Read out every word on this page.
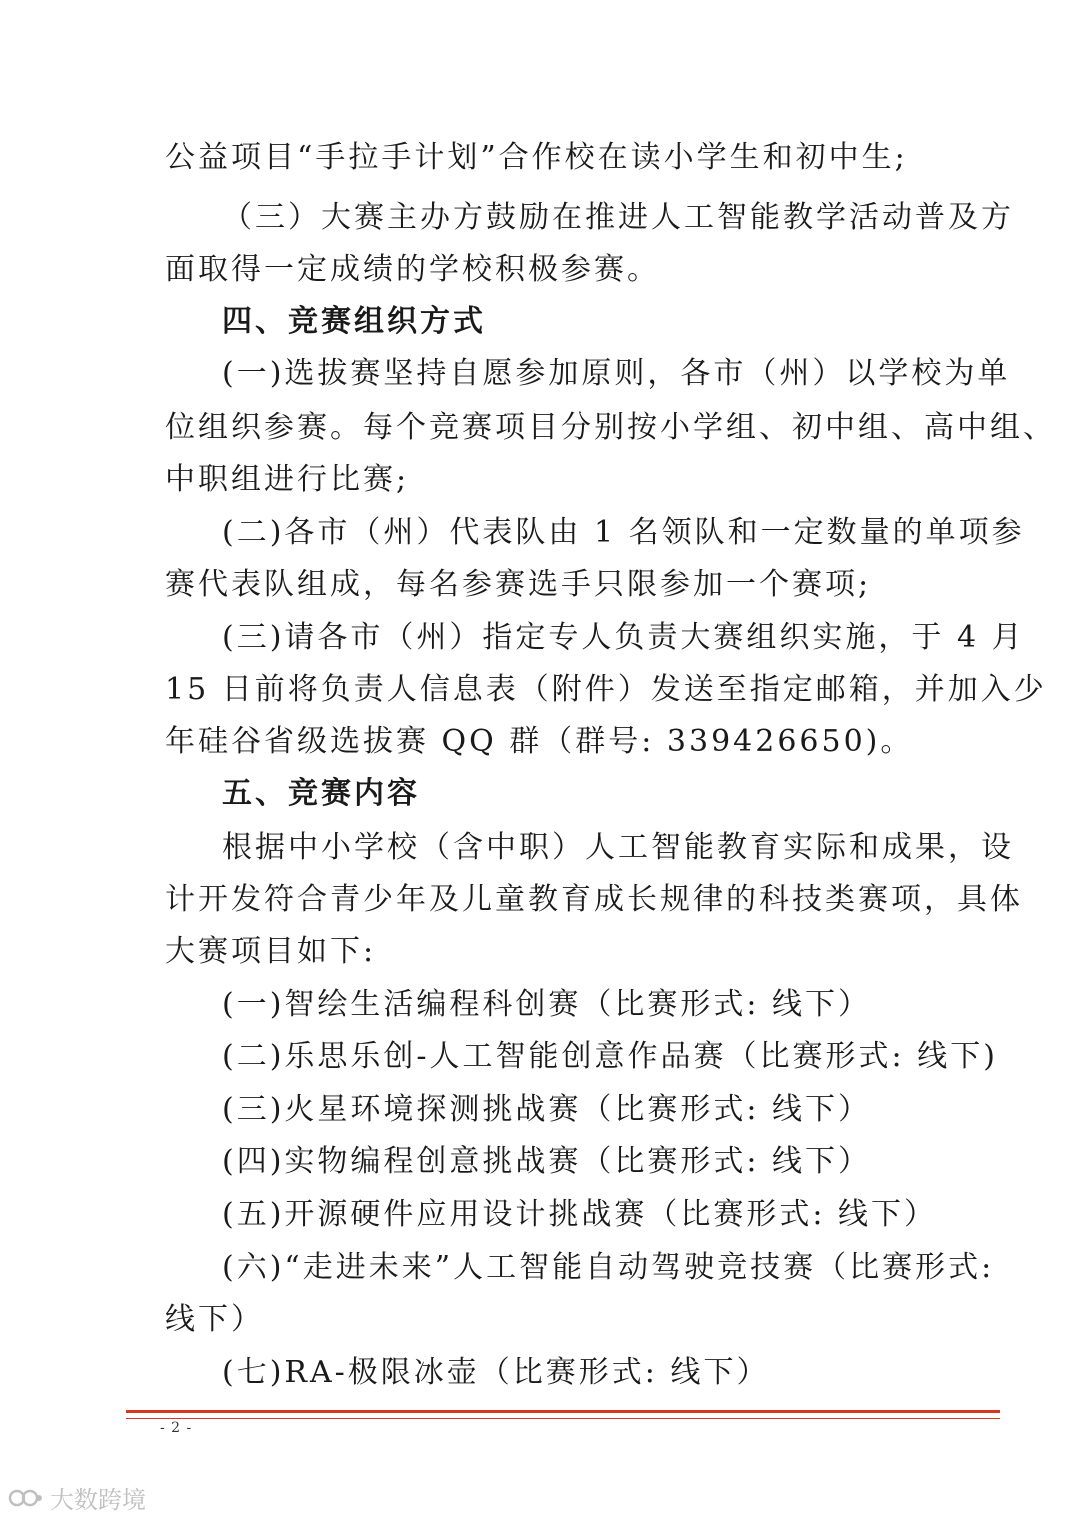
公益项目“手拉手计划”合作校在读小学生和初中生;
（三）大赛主办方鼓励在推进人工智能教学活动普及方
面取得一定成绩的学校积极参赛。
四、竞赛组织方式
(一)选拔赛坚持自愿参加原则，各市（州）以学校为单
位组织参赛。每个竞赛项目分别按小学组、初中组、高中组、
中职组进行比赛;
(二)各市（州）代表队由 1 名领队和一定数量的单项参
赛代表队组成，每名参赛选手只限参加一个赛项;
(三)请各市（州）指定专人负责大赛组织实施，于 4 月
15 日前将负责人信息表（附件）发送至指定邮箱，并加入少
年硅谷省级选拔赛 QQ 群（群号: 339426650)。
五、竞赛内容
根据中小学校（含中职）人工智能教育实际和成果，设
计开发符合青少年及儿童教育成长规律的科技类赛项，具体
大赛项目如下:
(一)智绘生活编程科创赛（比赛形式: 线下）
(二)乐思乐创-人工智能创意作品赛（比赛形式: 线下)
(三)火星环境探测挑战赛（比赛形式: 线下）
(四)实物编程创意挑战赛（比赛形式: 线下）
(五)开源硬件应用设计挑战赛（比赛形式: 线下）
(六)“走进未来”人工智能自动驾驶竞技赛（比赛形式:
线下）
(七)RA-极限冰壶（比赛形式: 线下）
- 2 -
大数跨境
